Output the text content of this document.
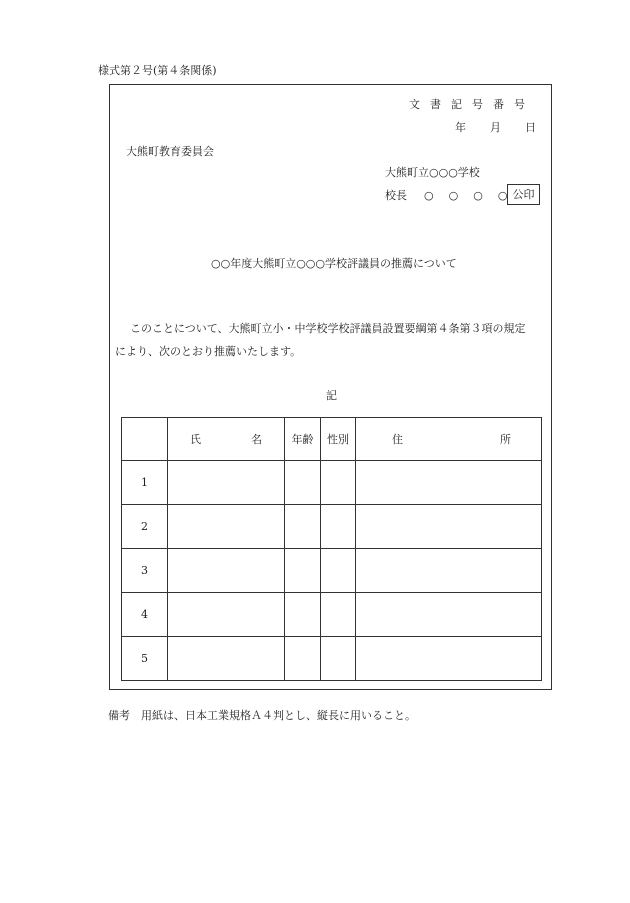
様式第２号(第４条関係)
文 書 記 号 番 号
年 月 日
大熊町教育委員会
大熊町立○○○学校
校長 ○ ○ ○ ○ 公印
○○年度大熊町立○○○学校評議員の推薦について
このことについて、大熊町立小・中学校学校評議員設置要綱第４条第３項の規定
により、次のとおり推薦いたします。
記

	氏 名	年齢	性別	住 所

1				
2				
3				
4				
5				
備考　用紙は、日本工業規格Ａ４判とし、縦長に用いること。
